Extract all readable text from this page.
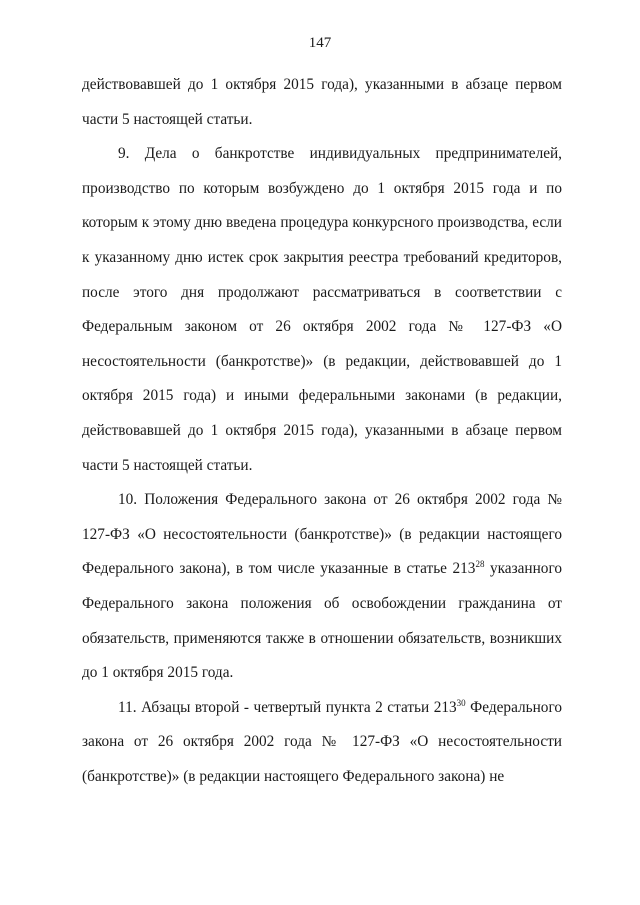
147

действовавшей до 1 октября 2015 года), указанными в абзаце первом части 5 настоящей статьи.

9. Дела о банкротстве индивидуальных предпринимателей, производство по которым возбуждено до 1 октября 2015 года и по которым к этому дню введена процедура конкурсного производства, если к указанному дню истек срок закрытия реестра требований кредиторов, после этого дня продолжают рассматриваться в соответствии с Федеральным законом от 26 октября 2002 года № 127-ФЗ «О несостоятельности (банкротстве)» (в редакции, действовавшей до 1 октября 2015 года) и иными федеральными законами (в редакции, действовавшей до 1 октября 2015 года), указанными в абзаце первом части 5 настоящей статьи.

10. Положения Федерального закона от 26 октября 2002 года № 127-ФЗ «О несостоятельности (банкротстве)» (в редакции настоящего Федерального закона), в том числе указанные в статье $213^{28}$ указанного Федерального закона положения об освобождении гражданина от обязательств, применяются также в отношении обязательств, возникших до 1 октября 2015 года.

11. Абзацы второй - четвертый пункта 2 статьи $213^{30}$ Федерального закона от 26 октября 2002 года № 127-ФЗ «О несостоятельности (банкротстве)» (в редакции настоящего Федерального закона) не
